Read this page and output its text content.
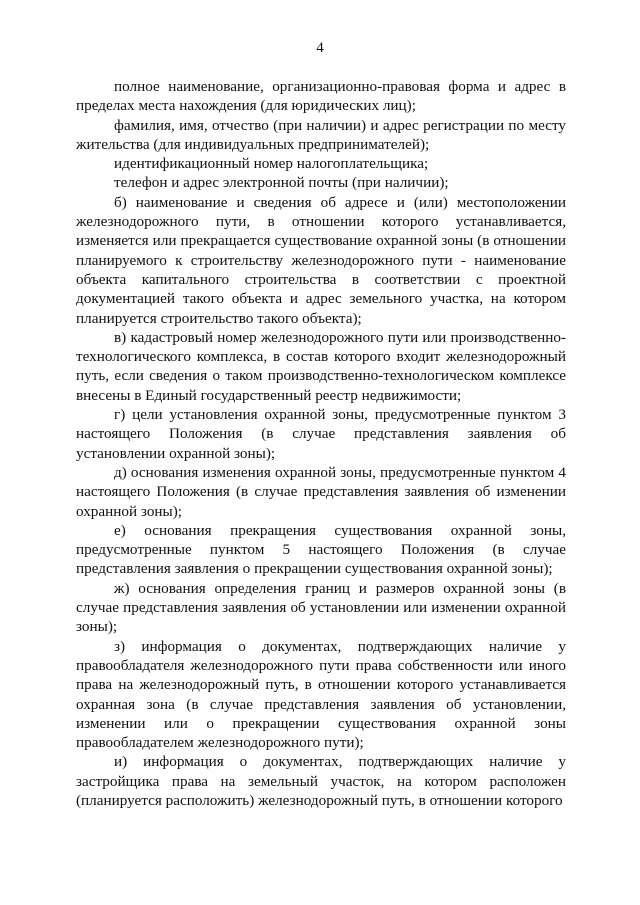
4

полное наименование, организационно-правовая форма и адрес в пределах места нахождения (для юридических лиц);

фамилия, имя, отчество (при наличии) и адрес регистрации по месту жительства (для индивидуальных предпринимателей);

идентификационный номер налогоплательщика;

телефон и адрес электронной почты (при наличии);

б) наименование и сведения об адресе и (или) местоположении железнодорожного пути, в отношении которого устанавливается, изменяется или прекращается существование охранной зоны (в отношении планируемого к строительству железнодорожного пути - наименование объекта капитального строительства в соответствии с проектной документацией такого объекта и адрес земельного участка, на котором планируется строительство такого объекта);

в) кадастровый номер железнодорожного пути или производственно-технологического комплекса, в состав которого входит железнодорожный путь, если сведения о таком производственно-технологическом комплексе внесены в Единый государственный реестр недвижимости;

г) цели установления охранной зоны, предусмотренные пунктом 3 настоящего Положения (в случае представления заявления об установлении охранной зоны);

д) основания изменения охранной зоны, предусмотренные пунктом 4 настоящего Положения (в случае представления заявления об изменении охранной зоны);

е) основания прекращения существования охранной зоны, предусмотренные пунктом 5 настоящего Положения (в случае представления заявления о прекращении существования охранной зоны);

ж) основания определения границ и размеров охранной зоны (в случае представления заявления об установлении или изменении охранной зоны);

з) информация о документах, подтверждающих наличие у правообладателя железнодорожного пути права собственности или иного права на железнодорожный путь, в отношении которого устанавливается охранная зона (в случае представления заявления об установлении, изменении или о прекращении существования охранной зоны правообладателем железнодорожного пути);

и) информация о документах, подтверждающих наличие у застройщика права на земельный участок, на котором расположен (планируется расположить) железнодорожный путь, в отношении которого
